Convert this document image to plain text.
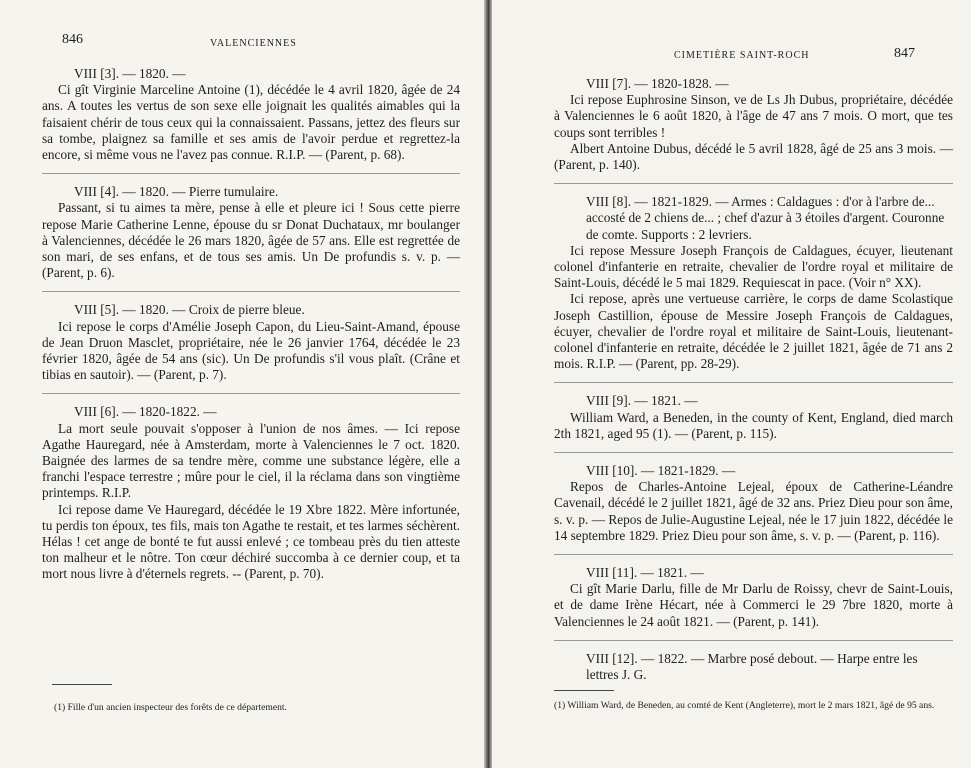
846	VALENCIENNES
VIII [3]. — 1820. —

Ci gît Virginie Marceline Antoine (1), décédée le 4 avril 1820, âgée de 24 ans. A toutes les vertus de son sexe elle joignait les qualités aimables qui la faisaient chérir de tous ceux qui la connaissaient. Passans, jettez des fleurs sur sa tombe, plaignez sa famille et ses amis de l'avoir perdue et regrettez-la encore, si même vous ne l'avez pas connue. R.I.P. — (Parent, p. 68).

VIII [4]. — 1820. — Pierre tumulaire.

Passant, si tu aimes ta mère, pense à elle et pleure ici ! Sous cette pierre repose Marie Catherine Lenne, épouse du sr Donat Duchataux, mr boulanger à Valenciennes, décédée le 26 mars 1820, âgée de 57 ans. Elle est regrettée de son mari, de ses enfans, et de tous ses amis. Un De profundis s. v. p. — (Parent, p. 6).

VIII [5]. — 1820. — Croix de pierre bleue.

Ici repose le corps d'Amélie Joseph Capon, du Lieu-Saint-Amand, épouse de Jean Druon Masclet, propriétaire, née le 26 janvier 1764, décédée le 23 février 1820, âgée de 54 ans (sic). Un De profundis s'il vous plaît. (Crâne et tibias en sautoir). — (Parent, p. 7).

VIII [6]. — 1820-1822. —

La mort seule pouvait s'opposer à l'union de nos âmes. — Ici repose Agathe Hauregard, née à Amsterdam, morte à Valenciennes le 7 oct. 1820. Baignée des larmes de sa tendre mère, comme une substance légère, elle a franchi l'espace terrestre ; mûre pour le ciel, il la réclama dans son vingtième printemps. R.I.P.

Ici repose dame Ve Hauregard, décédée le 19 Xbre 1822. Mère infortunée, tu perdis ton époux, tes fils, mais ton Agathe te restait, et tes larmes séchèrent. Hélas ! cet ange de bonté te fut aussi enlevé ; ce tombeau près du tien atteste ton malheur et le nôtre. Ton cœur déchiré succomba à ce dernier coup, et ta mort nous livre à d'éternels regrets. -- (Parent, p. 70).

(1) Fille d'un ancien inspecteur des forêts de ce département.
CIMETIÈRE SAINT-ROCH	847
VIII [7]. — 1820-1828. —

Ici repose Euphrosine Sinson, ve de Ls Jh Dubus, propriétaire, décédée à Valenciennes le 6 août 1820, à l'âge de 47 ans 7 mois. O mort, que tes coups sont terribles !

Albert Antoine Dubus, décédé le 5 avril 1828, âgé de 25 ans 3 mois. — (Parent, p. 140).

VIII [8]. — 1821-1829. — Armes : Caldagues : d'or à l'arbre de... accosté de 2 chiens de... ; chef d'azur à 3 étoiles d'argent. Couronne de comte. Supports : 2 levriers.

Ici repose Messure Joseph François de Caldagues, écuyer, lieutenant colonel d'infanterie en retraite, chevalier de l'ordre royal et militaire de Saint-Louis, décédé le 5 mai 1829. Requiescat in pace. (Voir n° XX).

Ici repose, après une vertueuse carrière, le corps de dame Scolastique Joseph Castillion, épouse de Messire Joseph François de Caldagues, écuyer, chevalier de l'ordre royal et militaire de Saint-Louis, lieutenant-colonel d'infanterie en retraite, décédée le 2 juillet 1821, âgée de 71 ans 2 mois. R.I.P. — (Parent, pp. 28-29).

VIII [9]. — 1821. —

William Ward, a Beneden, in the county of Kent, England, died march 2th 1821, aged 95 (1). — (Parent, p. 115).

VIII [10]. — 1821-1829. —

Repos de Charles-Antoine Lejeal, époux de Catherine-Léandre Cavenail, décédé le 2 juillet 1821, âgé de 32 ans. Priez Dieu pour son âme, s. v. p. — Repos de Julie-Augustine Lejeal, née le 17 juin 1822, décédée le 14 septembre 1829. Priez Dieu pour son âme, s. v. p. — (Parent, p. 116).

VIII [11]. — 1821. —

Ci gît Marie Darlu, fille de Mr Darlu de Roissy, chevr de Saint-Louis, et de dame Irène Hécart, née à Commerci le 29 7bre 1820, morte à Valenciennes le 24 août 1821. — (Parent, p. 141).

VIII [12]. — 1822. — Marbre posé debout. — Harpe entre les lettres J. G.
(1) William Ward, de Beneden, au comté de Kent (Angleterre), mort le 2 mars 1821, âgé de 95 ans.
